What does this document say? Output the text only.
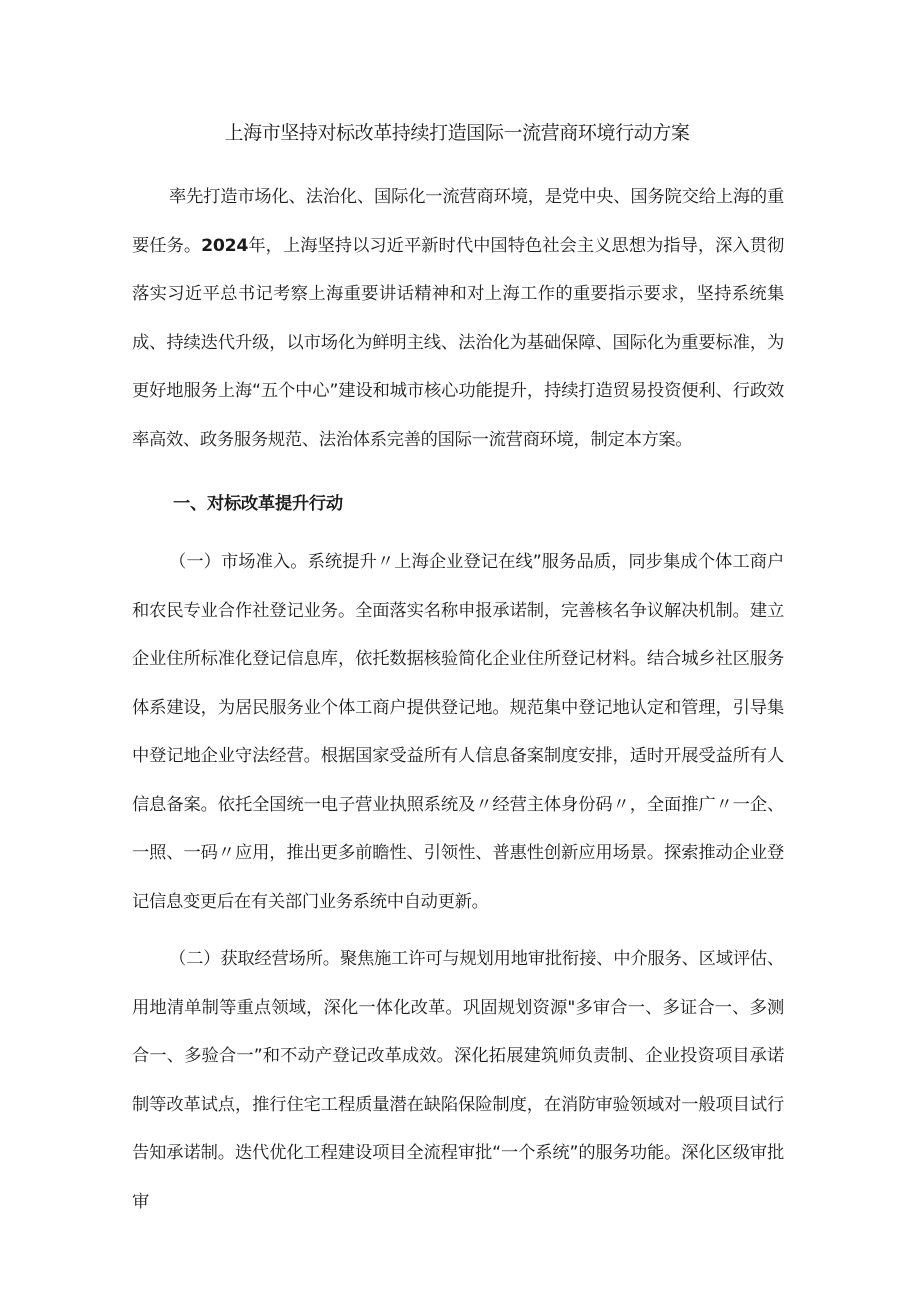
上海市坚持对标改革持续打造国际一流营商环境行动方案

率先打造市场化、法治化、国际化一流营商环境，是党中央、国务院交给上海的重要任务。2024年，上海坚持以习近平新时代中国特色社会主义思想为指导，深入贯彻落实习近平总书记考察上海重要讲话精神和对上海工作的重要指示要求，坚持系统集成、持续迭代升级，以市场化为鲜明主线、法治化为基础保障、国际化为重要标准，为更好地服务上海“五个中心”建设和城市核心功能提升，持续打造贸易投资便利、行政效率高效、政务服务规范、法治体系完善的国际一流营商环境，制定本方案。

一、对标改革提升行动

（一）市场准入。系统提升〃上海企业登记在线”服务品质，同步集成个体工商户和农民专业合作社登记业务。全面落实名称申报承诺制，完善核名争议解决机制。建立企业住所标准化登记信息库，依托数据核验简化企业住所登记材料。结合城乡社区服务体系建设，为居民服务业个体工商户提供登记地。规范集中登记地认定和管理，引导集中登记地企业守法经营。根据国家受益所有人信息备案制度安排，适时开展受益所有人信息备案。依托全国统一电子营业执照系统及〃经营主体身份码〃，全面推广〃一企、一照、一码〃应用，推出更多前瞻性、引领性、普惠性创新应用场景。探索推动企业登记信息变更后在有关部门业务系统中自动更新。

（二）获取经营场所。聚焦施工许可与规划用地审批衔接、中介服务、区域评估、用地清单制等重点领域，深化一体化改革。巩固规划资源"多审合一、多证合一、多测合一、多验合一”和不动产登记改革成效。深化拓展建筑师负责制、企业投资项目承诺制等改革试点，推行住宅工程质量潜在缺陷保险制度，在消防审验领域对一般项目试行告知承诺制。迭代优化工程建设项目全流程审批“一个系统”的服务功能。深化区级审批审
